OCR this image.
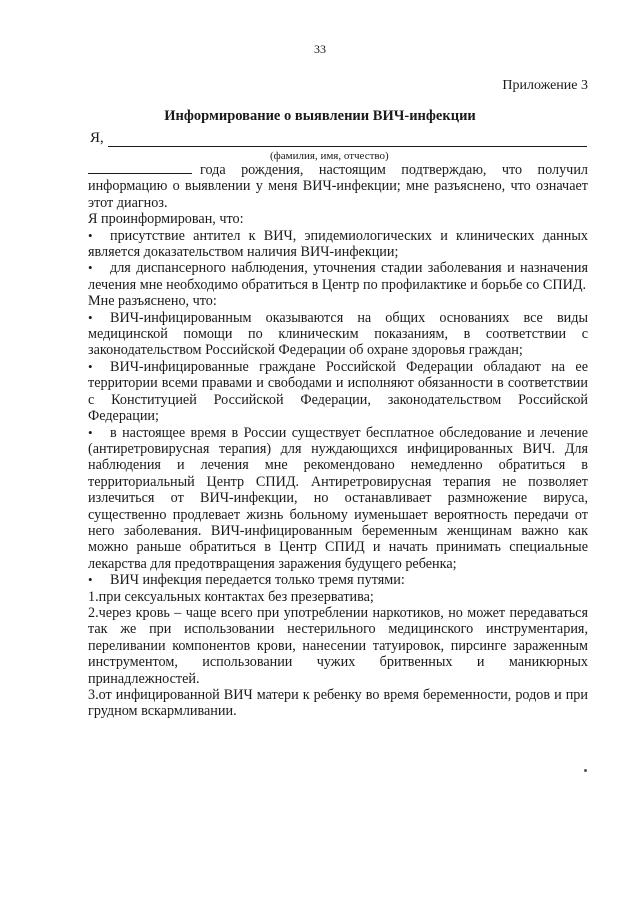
33
Приложение 3
Информирование о выявлении ВИЧ-инфекции
Я,
(фамилия, имя, отчество)

года рождения, настоящим подтверждаю, что получил информацию о выявлении у меня ВИЧ-инфекции; мне разъяснено, что означает этот диагноз.

Я проинформирован, что:

• присутствие антител к ВИЧ, эпидемиологических и клинических данных является доказательством наличия ВИЧ-инфекции;

• для диспансерного наблюдения, уточнения стадии заболевания и назначения лечения мне необходимо обратиться в Центр по профилактике и борьбе со СПИД.

Мне разъяснено, что:

• ВИЧ-инфицированным оказываются на общих основаниях все виды медицинской помощи по клиническим показаниям, в соответствии с законодательством Российской Федерации об охране здоровья граждан;

• ВИЧ-инфицированные граждане Российской Федерации обладают на ее территории всеми правами и свободами и исполняют обязанности в соответствии с Конституцией Российской Федерации, законодательством Российской Федерации;

• в настоящее время в России существует бесплатное обследование и лечение (антиретровирусная терапия) для нуждающихся инфицированных ВИЧ. Для наблюдения и лечения мне рекомендовано немедленно обратиться в территориальный Центр СПИД. Антиретровирусная терапия не позволяет излечиться от ВИЧ-инфекции, но останавливает размножение вируса, существенно продлевает жизнь больному иуменьшает вероятность передачи от него заболевания. ВИЧ-инфицированным беременным женщинам важно как можно раньше обратиться в Центр СПИД и начать принимать специальные лекарства для предотвращения заражения будущего ребенка;

• ВИЧ инфекция передается только тремя путями:

1.при сексуальных контактах без презерватива;

2.через кровь – чаще всего при употреблении наркотиков, но может передаваться так же при использовании нестерильного медицинского инструментария, переливании компонентов крови, нанесении татуировок, пирсинге зараженным инструментом, использовании чужих бритвенных и маникюрных принадлежностей.

3.от инфицированной ВИЧ матери к ребенку во время беременности, родов и при грудном вскармливании.
